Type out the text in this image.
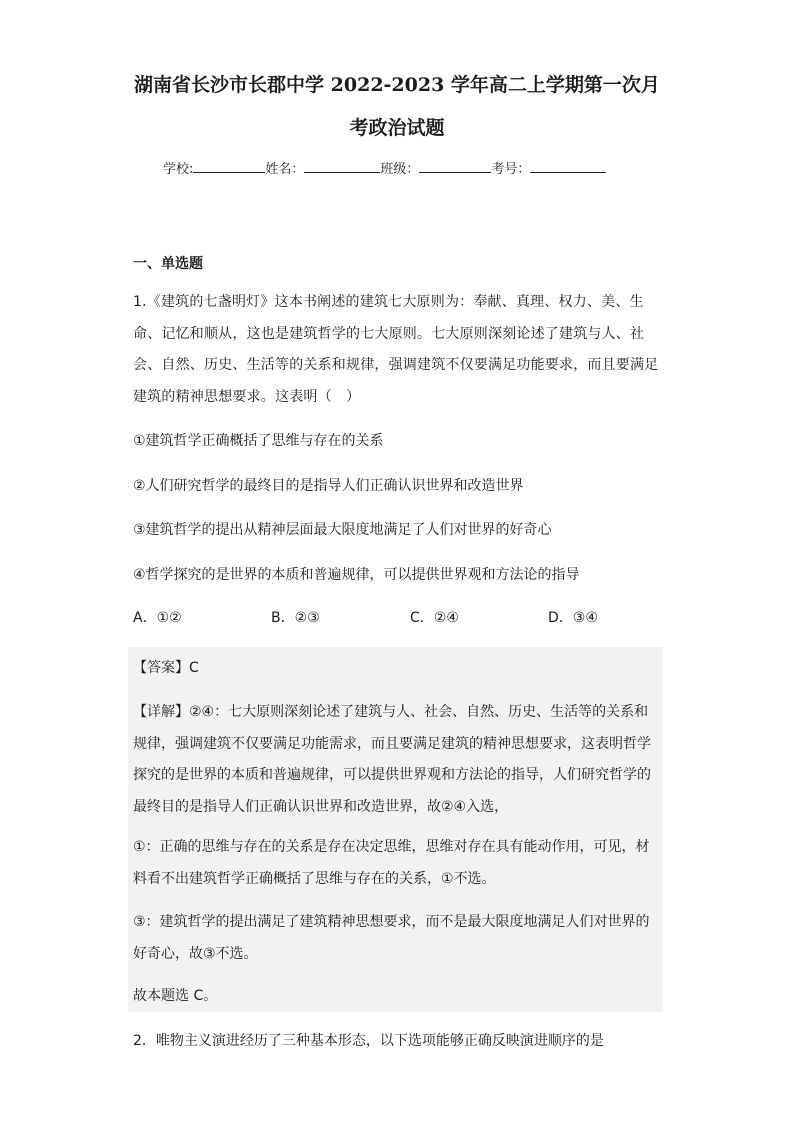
湖南省长沙市长郡中学 2022-2023 学年高二上学期第一次月
考政治试题
学校:	姓名：	班级：	考号：
一、单选题

1.《建筑的七盏明灯》这本书阐述的建筑七大原则为：奉献、真理、权力、美、生命、记忆和顺从，这也是建筑哲学的七大原则。七大原则深刻论述了建筑与人、社会、自然、历史、生活等的关系和规律，强调建筑不仅要满足功能要求，而且要满足建筑的精神思想要求。这表明（　）

①建筑哲学正确概括了思维与存在的关系

②人们研究哲学的最终目的是指导人们正确认识世界和改造世界

③建筑哲学的提出从精神层面最大限度地满足了人们对世界的好奇心

④哲学探究的是世界的本质和普遍规律，可以提供世界观和方法论的指导

A．①②	B．②③	C．②④	D．③④

【答案】C

【详解】②④：七大原则深刻论述了建筑与人、社会、自然、历史、生活等的关系和规律，强调建筑不仅要满足功能需求，而且要满足建筑的精神思想要求，这表明哲学探究的是世界的本质和普遍规律，可以提供世界观和方法论的指导，人们研究哲学的最终目的是指导人们正确认识世界和改造世界，故②④入选，

①：正确的思维与存在的关系是存在决定思维，思维对存在具有能动作用，可见，材料看不出建筑哲学正确概括了思维与存在的关系，①不选。

③：建筑哲学的提出满足了建筑精神思想要求，而不是最大限度地满足人们对世界的好奇心，故③不选。

故本题选 C。

2．唯物主义演进经历了三种基本形态，以下选项能够正确反映演进顺序的是
